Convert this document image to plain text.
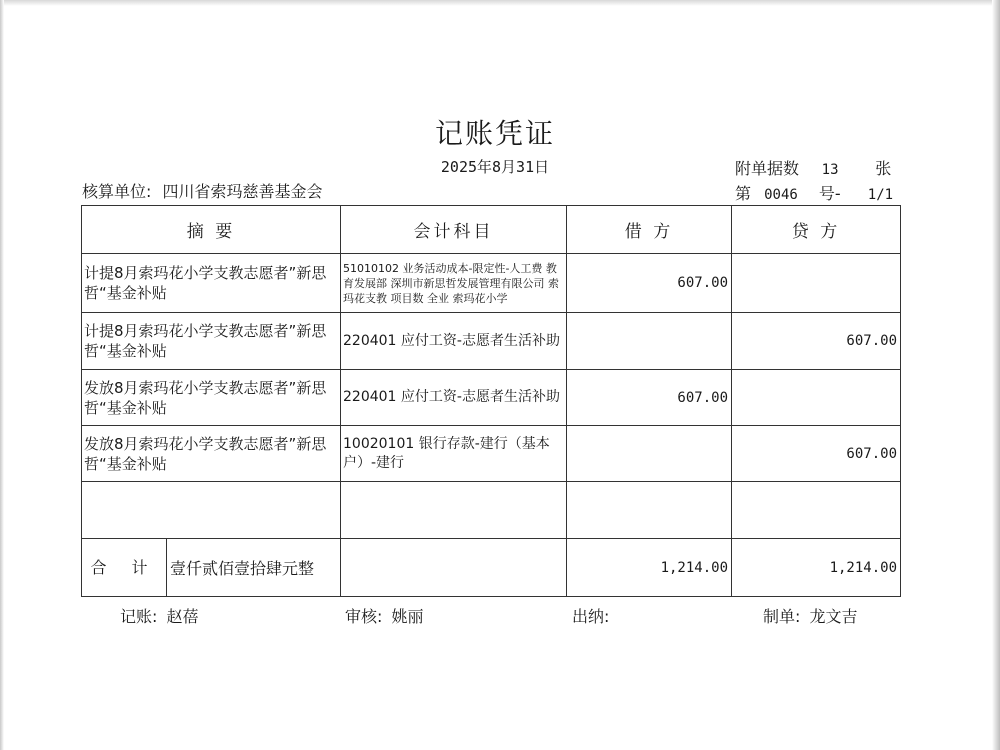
记账凭证
2025年8月31日	附单据数 13 张
核算单位: 四川省索玛慈善基金会	第 0046 号- 1/1
摘 要	会计科目	借 方	贷 方
计提8月索玛花小学支教志愿者”新思哲“基金补贴	51010102 业务活动成本-限定性-人工费 教育发展部 深圳市新思哲发展管理有限公司 索玛花支教 项目数 全业 索玛花小学	607.00	
计提8月索玛花小学支教志愿者”新思哲“基金补贴	220401 应付工资-志愿者生活补助		607.00
发放8月索玛花小学支教志愿者”新思哲“基金补贴	220401 应付工资-志愿者生活补助	607.00	
发放8月索玛花小学支教志愿者”新思哲“基金补贴	10020101 银行存款-建行（基本户）-建行		607.00

合 计 壹仟贰佰壹拾肆元整		1,214.00	1,214.00
记账: 赵蓓	审核: 姚丽	出纳:	制单: 龙文吉
